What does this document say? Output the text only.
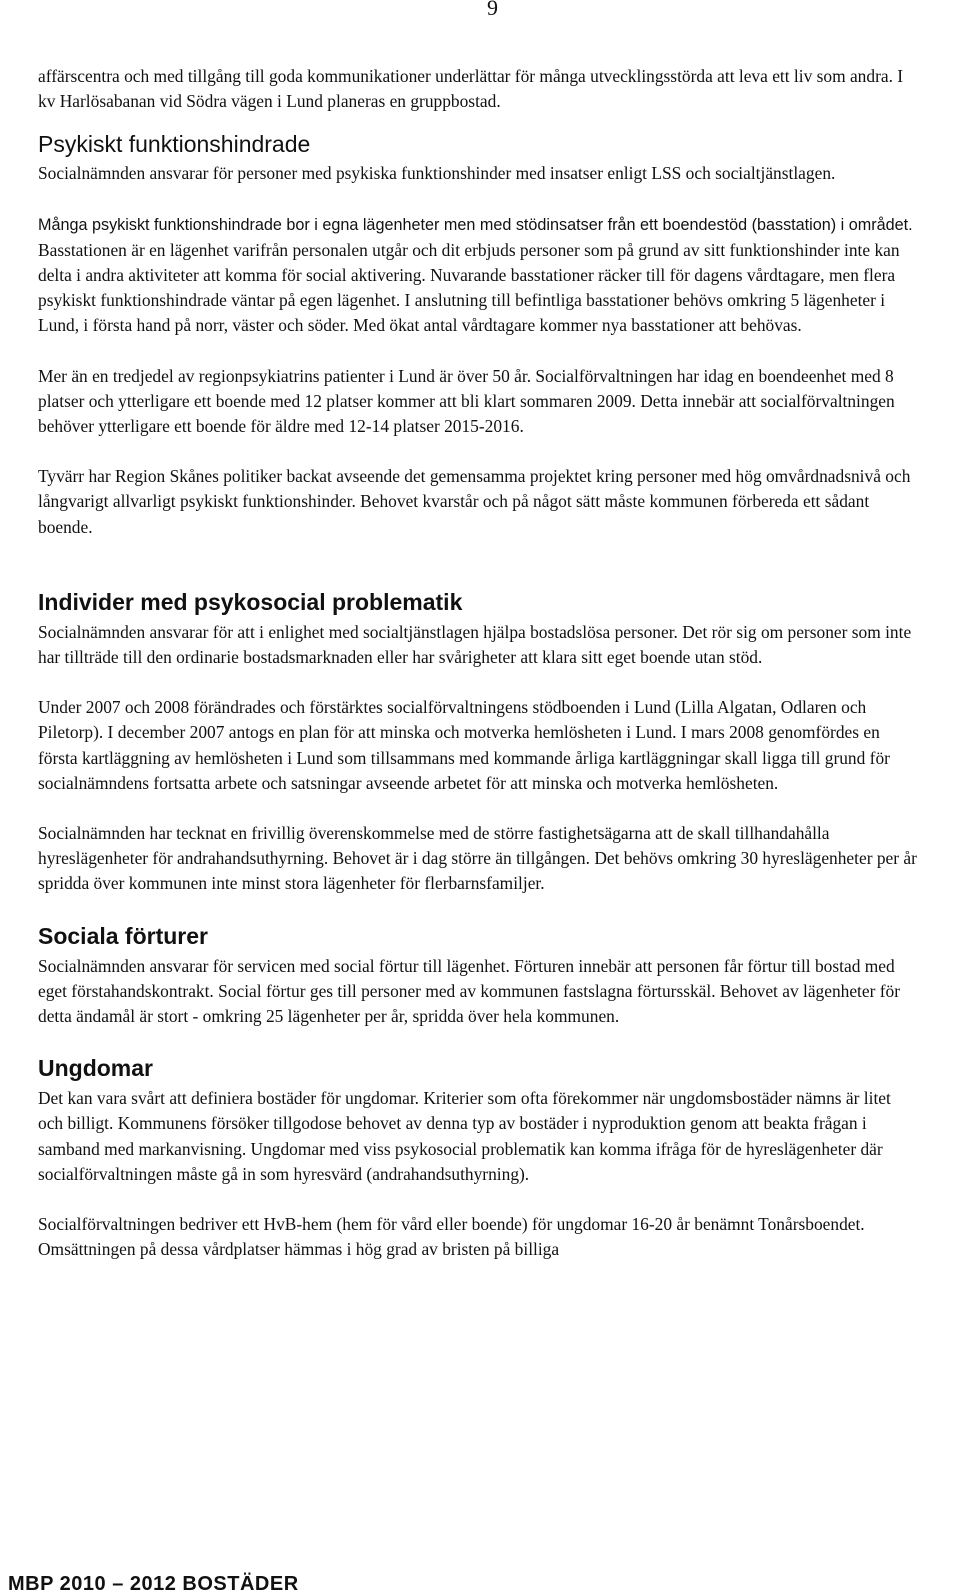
9

affärscentra och med tillgång till goda kommunikationer underlättar för många utvecklingsstörda att leva ett liv som andra. I kv Harlösabanan vid Södra vägen i Lund planeras en gruppbostad.

Psykiskt funktionshindrade

Socialnämnden ansvarar för personer med psykiska funktionshinder med insatser enligt LSS och socialtjänstlagen.

Många psykiskt funktionshindrade bor i egna lägenheter men med stödinsatser från ett boendestöd (basstation) i området. Basstationen är en lägenhet varifrån personalen utgår och dit erbjuds personer som på grund av sitt funktionshinder inte kan delta i andra aktiviteter att komma för social aktivering. Nuvarande basstationer räcker till för dagens vårdtagare, men flera psykiskt funktionshindrade väntar på egen lägenhet. I anslutning till befintliga basstationer behövs omkring 5 lägenheter i Lund, i första hand på norr, väster och söder. Med ökat antal vårdtagare kommer nya basstationer att behövas.

Mer än en tredjedel av regionpsykiatrins patienter i Lund är över 50 år. Socialförvaltningen har idag en boendeenhet med 8 platser och ytterligare ett boende med 12 platser kommer att bli klart sommaren 2009. Detta innebär att socialförvaltningen behöver ytterligare ett boende för äldre med 12-14 platser 2015-2016.

Tyvärr har Region Skånes politiker backat avseende det gemensamma projektet kring personer med hög omvårdnadsnivå och långvarigt allvarligt psykiskt funktionshinder. Behovet kvarstår och på något sätt måste kommunen förbereda ett sådant boende.

Individer med psykosocial problematik

Socialnämnden ansvarar för att i enlighet med socialtjänstlagen hjälpa bostadslösa personer. Det rör sig om personer som inte har tillträde till den ordinarie bostadsmarknaden eller har svårigheter att klara sitt eget boende utan stöd.

Under 2007 och 2008 förändrades och förstärktes socialförvaltningens stödboenden i Lund (Lilla Algatan, Odlaren och Piletorp). I december 2007 antogs en plan för att minska och motverka hemlösheten i Lund. I mars 2008 genomfördes en första kartläggning av hemlösheten i Lund som tillsammans med kommande årliga kartläggningar skall ligga till grund för socialnämndens fortsatta arbete och satsningar avseende arbetet för att minska och motverka hemlösheten.

Socialnämnden har tecknat en frivillig överenskommelse med de större fastighetsägarna att de skall tillhandahålla hyreslägenheter för andrahandsuthyrning. Behovet är i dag större än tillgången. Det behövs omkring 30 hyreslägenheter per år spridda över kommunen inte minst stora lägenheter för flerbarnsfamiljer.

Sociala förturer

Socialnämnden ansvarar för servicen med social förtur till lägenhet. Förturen innebär att personen får förtur till bostad med eget förstahandskontrakt. Social förtur ges till personer med av kommunen fastslagna förtursskäl. Behovet av lägenheter för detta ändamål är stort - omkring 25 lägenheter per år, spridda över hela kommunen.

Ungdomar

Det kan vara svårt att definiera bostäder för ungdomar. Kriterier som ofta förekommer när ungdomsbostäder nämns är litet och billigt. Kommunens försöker tillgodose behovet av denna typ av bostäder i nyproduktion genom att beakta frågan i samband med markanvisning. Ungdomar med viss psykosocial problematik kan komma ifråga för de hyreslägenheter där socialförvaltningen måste gå in som hyresvärd (andrahandsuthyrning).

Socialförvaltningen bedriver ett HvB-hem (hem för vård eller boende) för ungdomar 16-20 år benämnt Tonårsboendet. Omsättningen på dessa vårdplatser hämmas i hög grad av bristen på billiga

MBP 2010 – 2012 BOSTÄDER
